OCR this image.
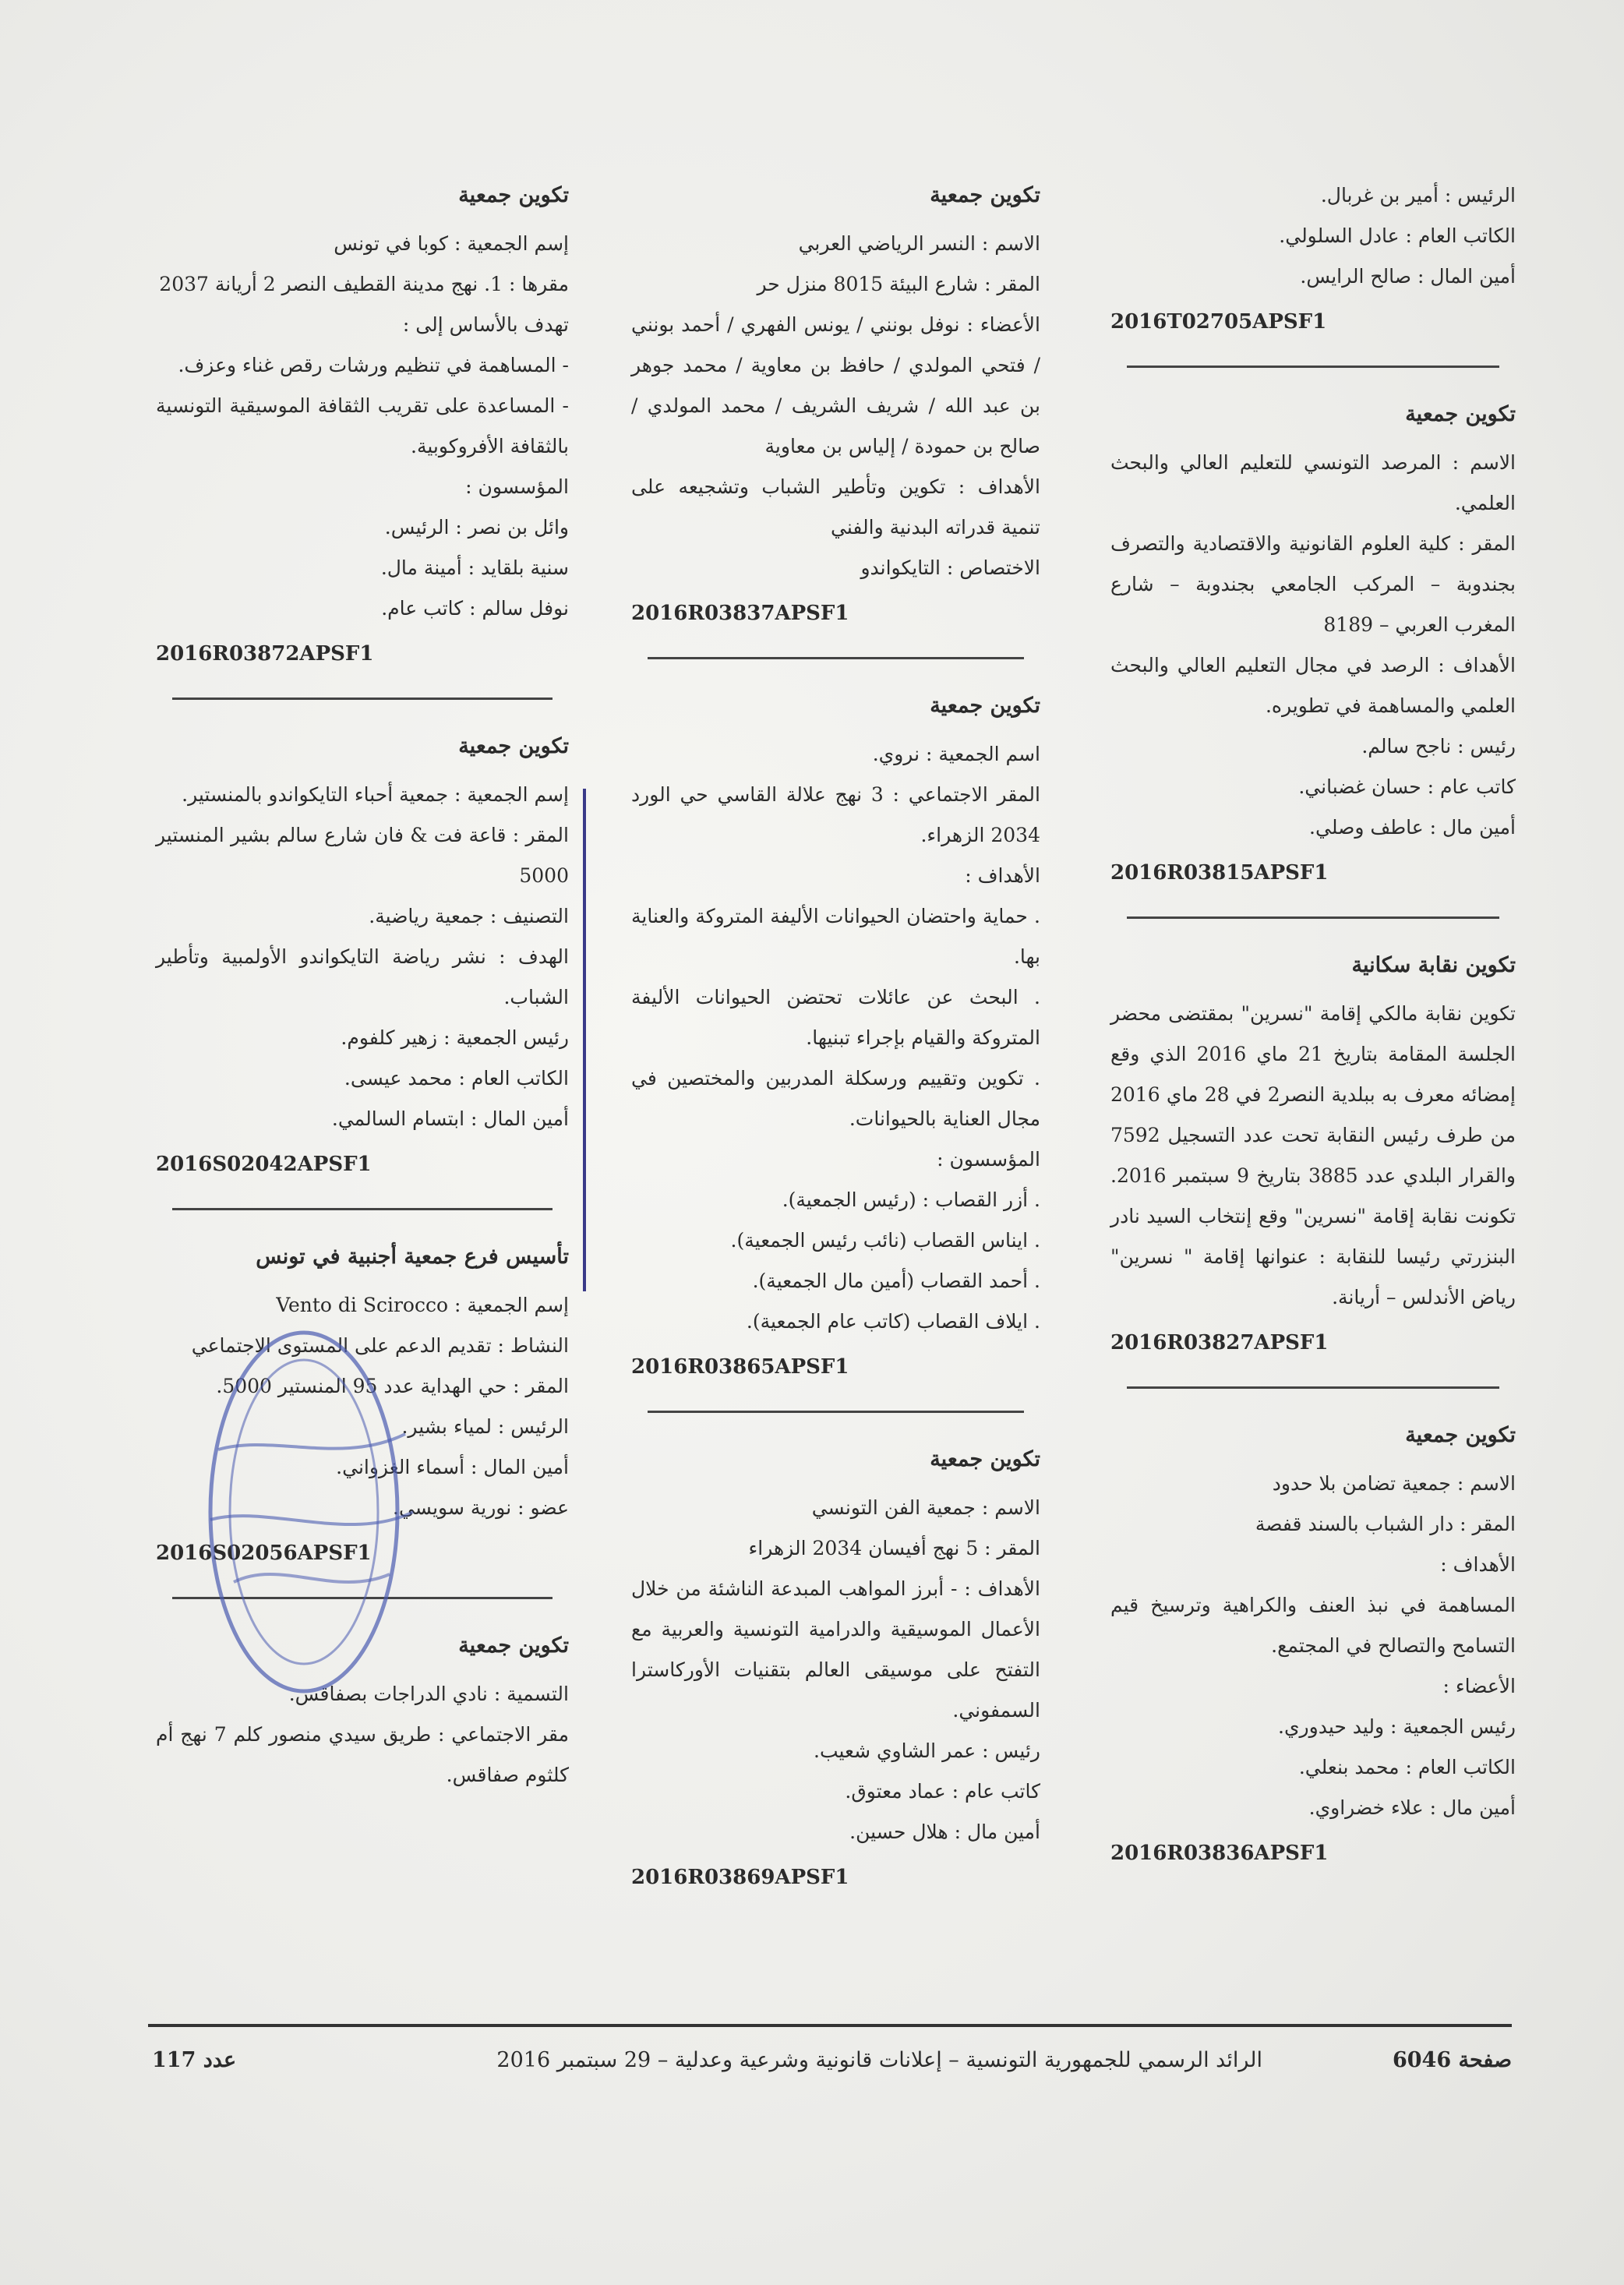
الرئيس : أمير بن غربال.
الكاتب العام : عادل السلولي.
أمين المال : صالح الرايس.
2016T02705APSF1
تكوين جمعية
الاسم : المرصد التونسي للتعليم العالي والبحث العلمي.
المقر : كلية العلوم القانونية والاقتصادية والتصرف بجندوبة – المركب الجامعي بجندوبة – شارع المغرب العربي – 8189
الأهداف : الرصد في مجال التعليم العالي والبحث العلمي والمساهمة في تطويره.
رئيس : ناجح سالم.
كاتب عام : حسان غضباني.
أمين مال : عاطف وصلي.
2016R03815APSF1
تكوين نقابة سكانية
تكوين نقابة مالكي إقامة "نسرين" بمقتضى محضر الجلسة المقامة بتاريخ 21 ماي 2016 الذي وقع إمضائه معرف به ببلدية النصر2 في 28 ماي 2016 من طرف رئيس النقابة تحت عدد التسجيل 7592 والقرار البلدي عدد 3885 بتاريخ 9 سبتمبر 2016. تكونت نقابة إقامة "نسرين" وقع إنتخاب السيد نادر البنزرتي رئيسا للنقابة : عنوانها إقامة " نسرين" رياض الأندلس – أريانة.
2016R03827APSF1
تكوين جمعية
الاسم : جمعية تضامن بلا حدود
المقر : دار الشباب بالسند قفصة
الأهداف :
المساهمة في نبذ العنف والكراهية وترسيخ قيم التسامح والتصالح في المجتمع.
الأعضاء :
رئيس الجمعية : وليد حيدوري.
الكاتب العام : محمد بنعلي.
أمين مال : علاء خضراوي.
2016R03836APSF1
تكوين جمعية
الاسم : النسر الرياضي العربي
المقر : شارع البيئة 8015 منزل حر
الأعضاء : نوفل بونني / يونس الفهري / أحمد بونني / فتحي المولدي / حافظ بن معاوية / محمد جوهر بن عبد الله / شريف الشريف / محمد المولدي / صالح بن حمودة / إلياس بن معاوية
الأهداف : تكوين وتأطير الشباب وتشجيعه على تنمية قدراته البدنية والفني
الاختصاص : التايكواندو
2016R03837APSF1
تكوين جمعية
اسم الجمعية : نروي.
المقر الاجتماعي : 3 نهج علالة القاسي حي الورد 2034 الزهراء.
الأهداف :
. حماية واحتضان الحيوانات الأليفة المتروكة والعناية بها.
. البحث عن عائلات تحتضن الحيوانات الأليفة المتروكة والقيام بإجراء تبنيها.
. تكوين وتقييم ورسكلة المدربين والمختصين في مجال العناية بالحيوانات.
المؤسسون :
. أزر القصاب : (رئيس الجمعية).
. ايناس القصاب (نائب رئيس الجمعية).
. أحمد القصاب (أمين مال الجمعية).
. ايلاف القصاب (كاتب عام الجمعية).
2016R03865APSF1
تكوين جمعية
الاسم : جمعية الفن التونسي
المقر : 5 نهج أفيسان 2034 الزهراء
الأهداف : - أبرز المواهب المبدعة الناشئة من خلال الأعمال الموسيقية والدرامية التونسية والعربية مع التفتح على موسيقى العالم بتقنيات الأوركاسترا السمفوني.
رئيس : عمر الشاوي شعيب.
كاتب عام : عماد معتوق.
أمين مال : هلال حسين.
2016R03869APSF1
تكوين جمعية
إسم الجمعية : كوبا في تونس
مقرها : 1. نهج مدينة القطيف النصر 2 أريانة 2037
تهدف بالأساس إلى :
- المساهمة في تنظيم ورشات رقص غناء وعزف.
- المساعدة على تقريب الثقافة الموسيقية التونسية بالثقافة الأفروكوبية.
المؤسسون :
وائل بن نصر : الرئيس.
سنية بلقايد : أمينة مال.
نوفل سالم : كاتب عام.
2016R03872APSF1
تكوين جمعية
إسم الجمعية : جمعية أحباء التايكواندو بالمنستير.
المقر : قاعة فت & فان شارع سالم بشير المنستير 5000
التصنيف : جمعية رياضية.
الهدف : نشر رياضة التايكواندو الأولمبية وتأطير الشباب.
رئيس الجمعية : زهير كلفوم.
الكاتب العام : محمد عيسى.
أمين المال : ابتسام السالمي.
2016S02042APSF1
تأسيس فرع جمعية أجنبية في تونس
إسم الجمعية : Vento di Scirocco
النشاط : تقديم الدعم على المستوى الاجتماعي
المقر : حي الهداية عدد 95 المنستير 5000.
الرئيس : لمياء بشير.
أمين المال : أسماء الغزواني.
عضو : نورية سويسي.
2016S02056APSF1
تكوين جمعية
التسمية : نادي الدراجات بصفاقس.
مقر الاجتماعي : طريق سيدي منصور كلم 7 نهج أم كلثوم صفاقس.
صفحة 6046
الرائد الرسمي للجمهورية التونسية – إعلانات قانونية وشرعية وعدلية – 29 سبتمبر 2016
عدد 117
